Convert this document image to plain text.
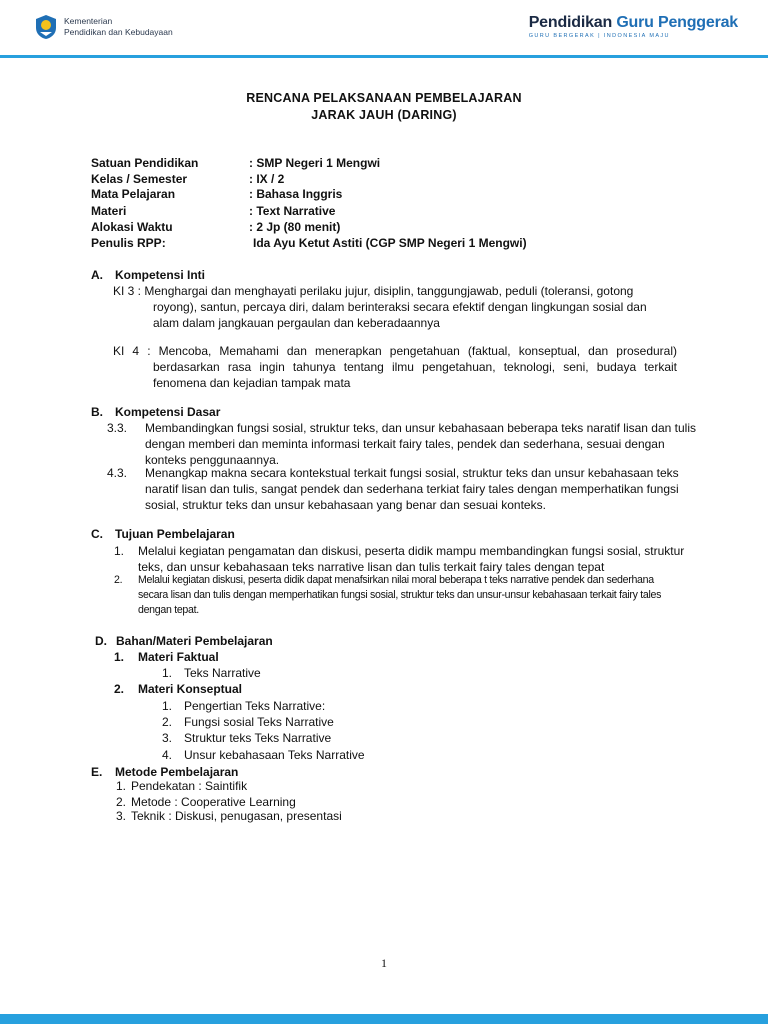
Kementerian
Pendidikan dan Kebudayaan
Pendidikan Guru Penggerak
GURU BERGERAK | INDONESIA MAJU
RENCANA PELAKSANAAN PEMBELAJARAN
JARAK JAUH (DARING)
Satuan Pendidikan	: SMP Negeri 1 Mengwi
Kelas / Semester	: IX / 2
Mata Pelajaran	: Bahasa Inggris
Materi	: Text Narrative
Alokasi Waktu	: 2 Jp (80 menit)
Penulis RPP:	Ida Ayu Ketut Astiti (CGP SMP Negeri 1 Mengwi)
A. Kompetensi Inti
KI 3 : Menghargai dan menghayati perilaku jujur, disiplin, tanggungjawab, peduli (toleransi, gotong
royong), santun, percaya diri, dalam berinteraksi secara efektif dengan lingkungan sosial dan
alam dalam jangkauan pergaulan dan keberadaannya
KI 4 : Mencoba, Memahami dan menerapkan pengetahuan (faktual, konseptual, dan prosedural)
berdasarkan rasa ingin tahunya tentang ilmu pengetahuan, teknologi, seni, budaya terkait
fenomena dan kejadian tampak mata
B. Kompetensi Dasar
3.3. Membandingkan fungsi sosial, struktur teks, dan unsur kebahasaan beberapa teks naratif lisan dan tulis
dengan memberi dan meminta informasi terkait fairy tales, pendek dan sederhana, sesuai dengan
konteks penggunaannya.
4.3. Menangkap makna secara kontekstual terkait fungsi sosial, struktur teks dan unsur kebahasaan teks
naratif lisan dan tulis, sangat pendek dan sederhana terkiat fairy tales dengan memperhatikan fungsi
sosial, struktur teks dan unsur kebahasaan yang benar dan sesuai konteks.
C. Tujuan Pembelajaran
1. Melalui kegiatan pengamatan dan diskusi, peserta didik mampu membandingkan fungsi sosial, struktur
teks, dan unsur kebahasaan teks narrative lisan dan tulis terkait fairy tales dengan tepat
2. Melalui kegiatan diskusi, peserta didik dapat menafsirkan nilai moral beberapa t teks narrative pendek dan sederhana
secara lisan dan tulis dengan memperhatikan fungsi sosial, struktur teks dan unsur-unsur kebahasaan terkait fairy tales
dengan tepat.
D. Bahan/Materi Pembelajaran
1. Materi Faktual
1. Teks Narrative
2. Materi Konseptual
1. Pengertian Teks Narrative:
2. Fungsi sosial Teks Narrative
3. Struktur teks Teks Narrative
4. Unsur kebahasaan Teks Narrative
E. Metode Pembelajaran
1. Pendekatan : Saintifik
2. Metode : Cooperative Learning
3. Teknik : Diskusi, penugasan, presentasi
1
